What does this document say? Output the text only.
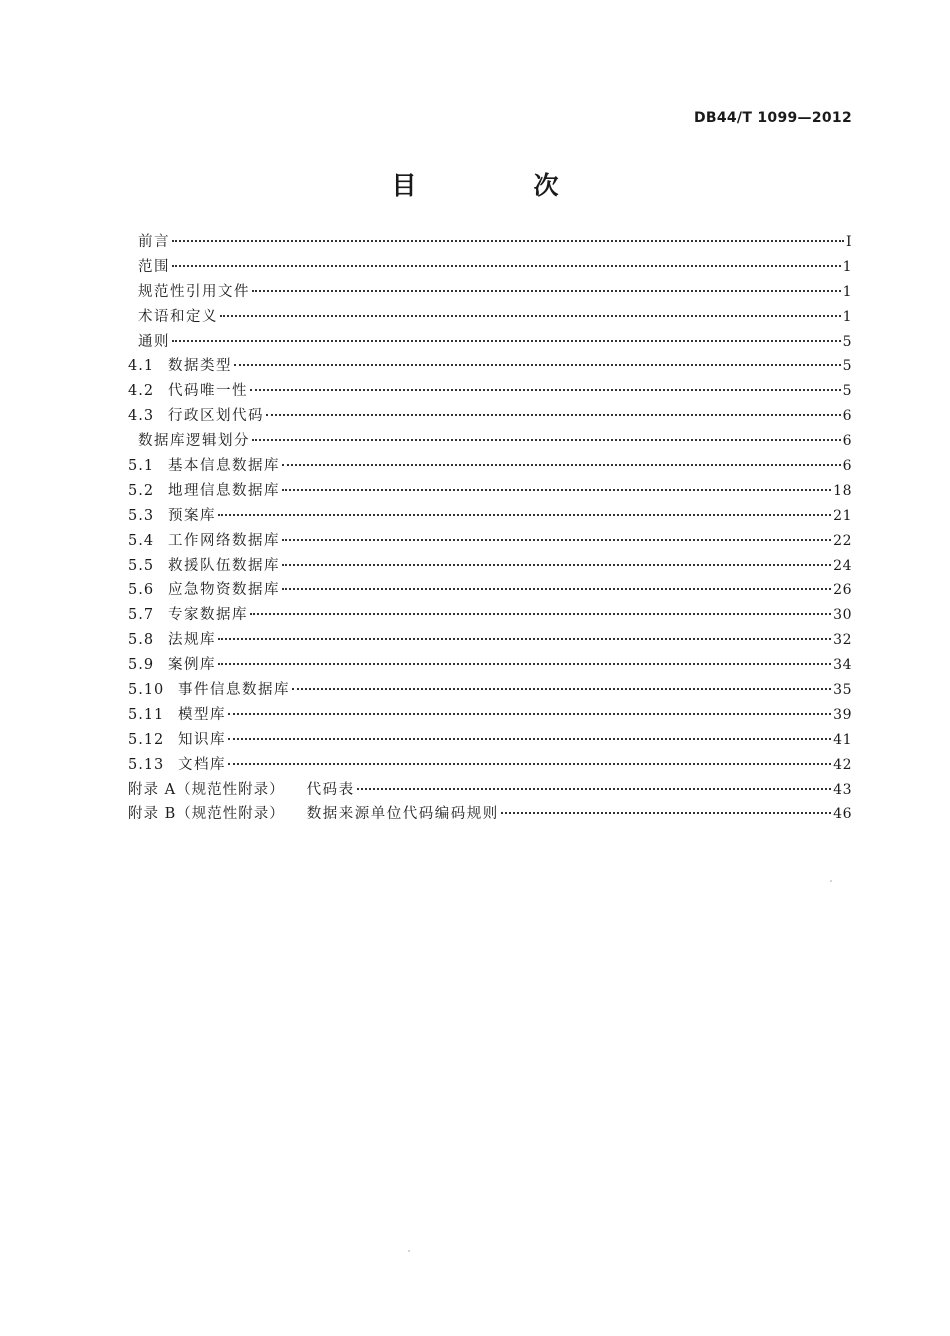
DB44/T 1099—2012
目　次
前言	I
范围	1
规范性引用文件	1
术语和定义	1
通则	5
4.1 数据类型	5
4.2 代码唯一性	5
4.3 行政区划代码	6
数据库逻辑划分	6
5.1 基本信息数据库	6
5.2 地理信息数据库	18
5.3 预案库	21
5.4 工作网络数据库	22
5.5 救援队伍数据库	24
5.6 应急物资数据库	26
5.7 专家数据库	30
5.8 法规库	32
5.9 案例库	34
5.10 事件信息数据库	35
5.11 模型库	39
5.12 知识库	41
5.13 文档库	42
附录 A（规范性附录） 代码表	43
附录 B（规范性附录） 数据来源单位代码编码规则	46
